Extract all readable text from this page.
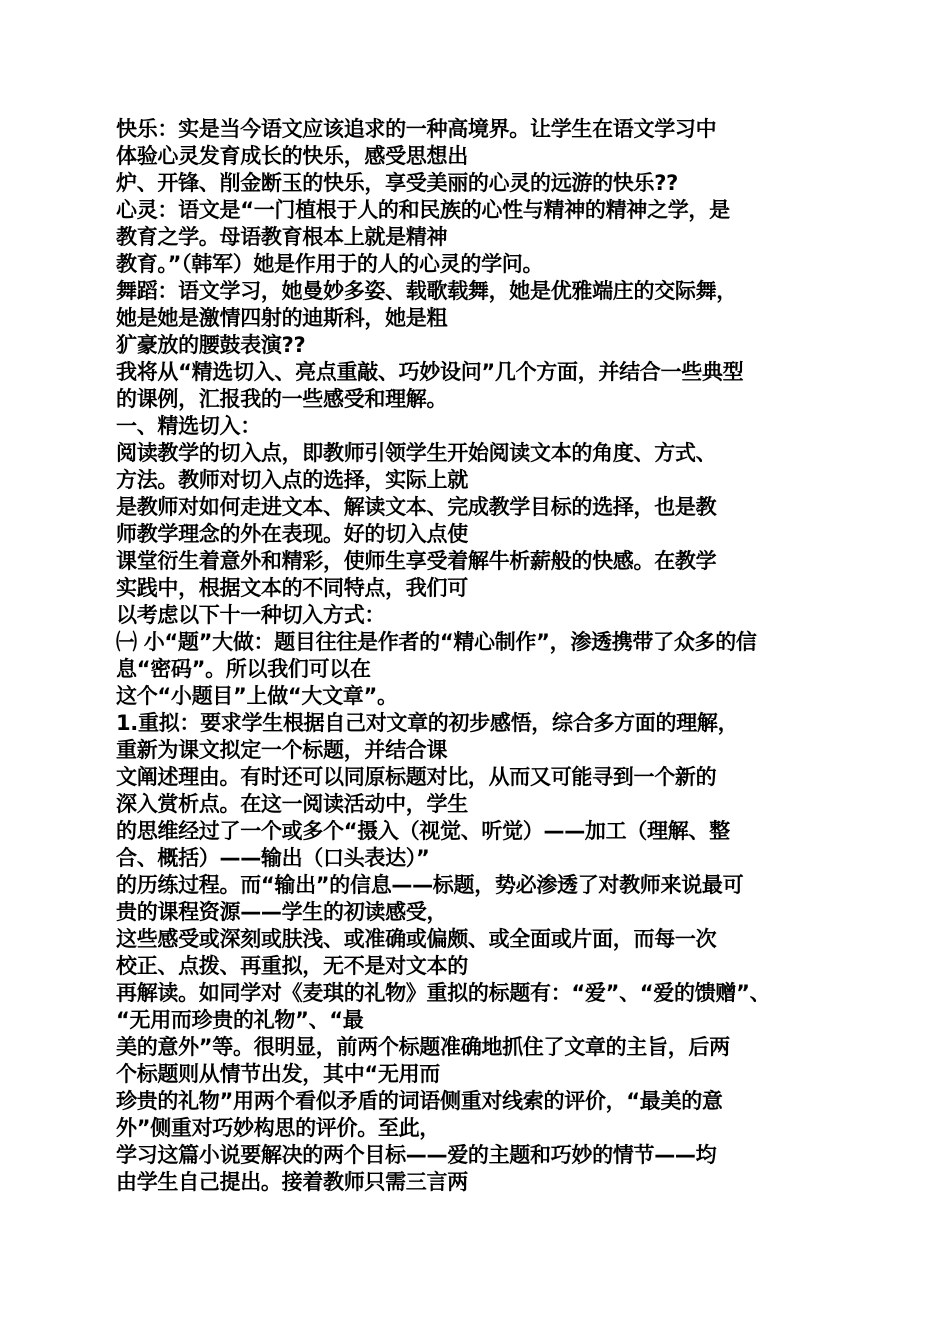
快乐：实是当今语文应该追求的一种高境界。让学生在语文学习中
体验心灵发育成长的快乐，感受思想出
炉、开锋、削金断玉的快乐，享受美丽的心灵的远游的快乐??
心灵：语文是“一门植根于人的和民族的心性与精神的精神之学，是
教育之学。母语教育根本上就是精神
教育。”（韩军）她是作用于的人的心灵的学问。
舞蹈：语文学习，她曼妙多姿、载歌载舞，她是优雅端庄的交际舞，
她是她是激情四射的迪斯科，她是粗
犷豪放的腰鼓表演??
我将从“精选切入、亮点重敲、巧妙设问”几个方面，并结合一些典型
的课例，汇报我的一些感受和理解。
一、精选切入：
阅读教学的切入点，即教师引领学生开始阅读文本的角度、方式、
方法。教师对切入点的选择，实际上就
是教师对如何走进文本、解读文本、完成教学目标的选择，也是教
师教学理念的外在表现。好的切入点使
课堂衍生着意外和精彩，使师生享受着解牛析薪般的快感。在教学
实践中，根据文本的不同特点，我们可
以考虑以下十一种切入方式：
㈠ 小“题”大做：题目往往是作者的“精心制作”，渗透携带了众多的信
息“密码”。所以我们可以在
这个“小题目”上做“大文章”。
1.重拟：要求学生根据自己对文章的初步感悟，综合多方面的理解，
重新为课文拟定一个标题，并结合课
文阐述理由。有时还可以同原标题对比，从而又可能寻到一个新的
深入赏析点。在这一阅读活动中，学生
的思维经过了一个或多个“摄入（视觉、听觉）——加工（理解、整
合、概括）——输出（口头表达）”
的历练过程。而“输出”的信息——标题，势必渗透了对教师来说最可
贵的课程资源——学生的初读感受，
这些感受或深刻或肤浅、或准确或偏颇、或全面或片面，而每一次
校正、点拨、再重拟，无不是对文本的
再解读。如同学对《麦琪的礼物》重拟的标题有：“爱”、“爱的馈赠”、
“无用而珍贵的礼物”、“最
美的意外”等。很明显，前两个标题准确地抓住了文章的主旨，后两
个标题则从情节出发，其中“无用而
珍贵的礼物”用两个看似矛盾的词语侧重对线索的评价，“最美的意
外”侧重对巧妙构思的评价。至此，
学习这篇小说要解决的两个目标——爱的主题和巧妙的情节——均
由学生自己提出。接着教师只需三言两
